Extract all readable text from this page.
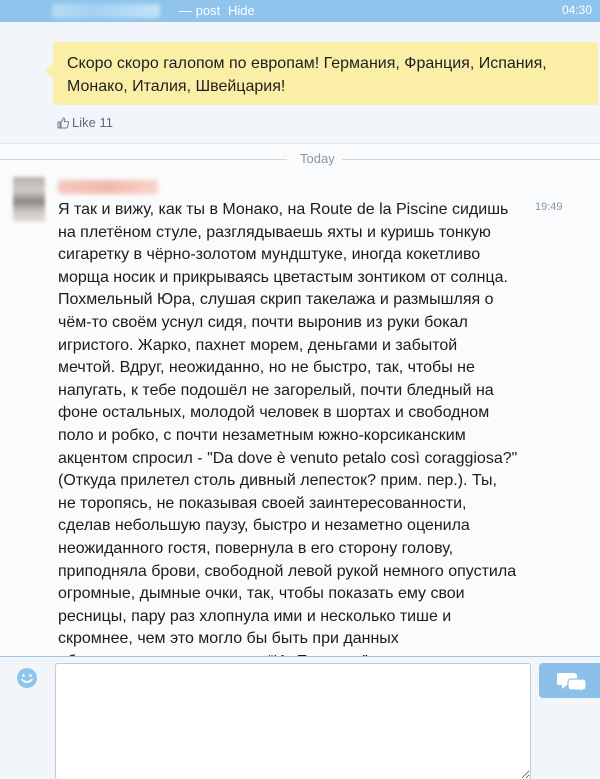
— post Hide	04:30
Скоро скоро галопом по европам! Германия, Франция, Испания, Монако, Италия, Швейцария!
Like 11
Today
Я так и вижу, как ты в Монако, на Route de la Piscine сидишь на плетёном стуле, разглядываешь яхты и куришь тонкую сигаретку в чёрно-золотом мундштуке, иногда кокетливо морща носик и прикрываясь цветастым зонтиком от солнца. Похмельный Юра, слушая скрип такелажа и размышляя о чём-то своём уснул сидя, почти выронив из руки бокал игристого. Жарко, пахнет морем, деньгами и забытой мечтой. Вдруг, неожиданно, но не быстро, так, чтобы не напугать, к тебе подошёл не загорелый, почти бледный на фоне остальных, молодой человек в шортах и свободном поло и робко, с почти незаметным южно-корсиканским акцентом спросил - "Da dove è venuto petalo così coraggiosa?" (Откуда прилетел столь дивный лепесток? прим. пер.). Ты, не торопясь, не показывая своей заинтересованности, сделав небольшую паузу, быстро и незаметно оценила неожиданного гостя, повернула в его сторону голову, приподняла брови, свободной левой рукой немного опустила огромные, дымные очки, так, чтобы показать ему свои ресницы, пару раз хлопнула ими и несколько тише и скромнее, чем это могло бы быть при данных
19:49
